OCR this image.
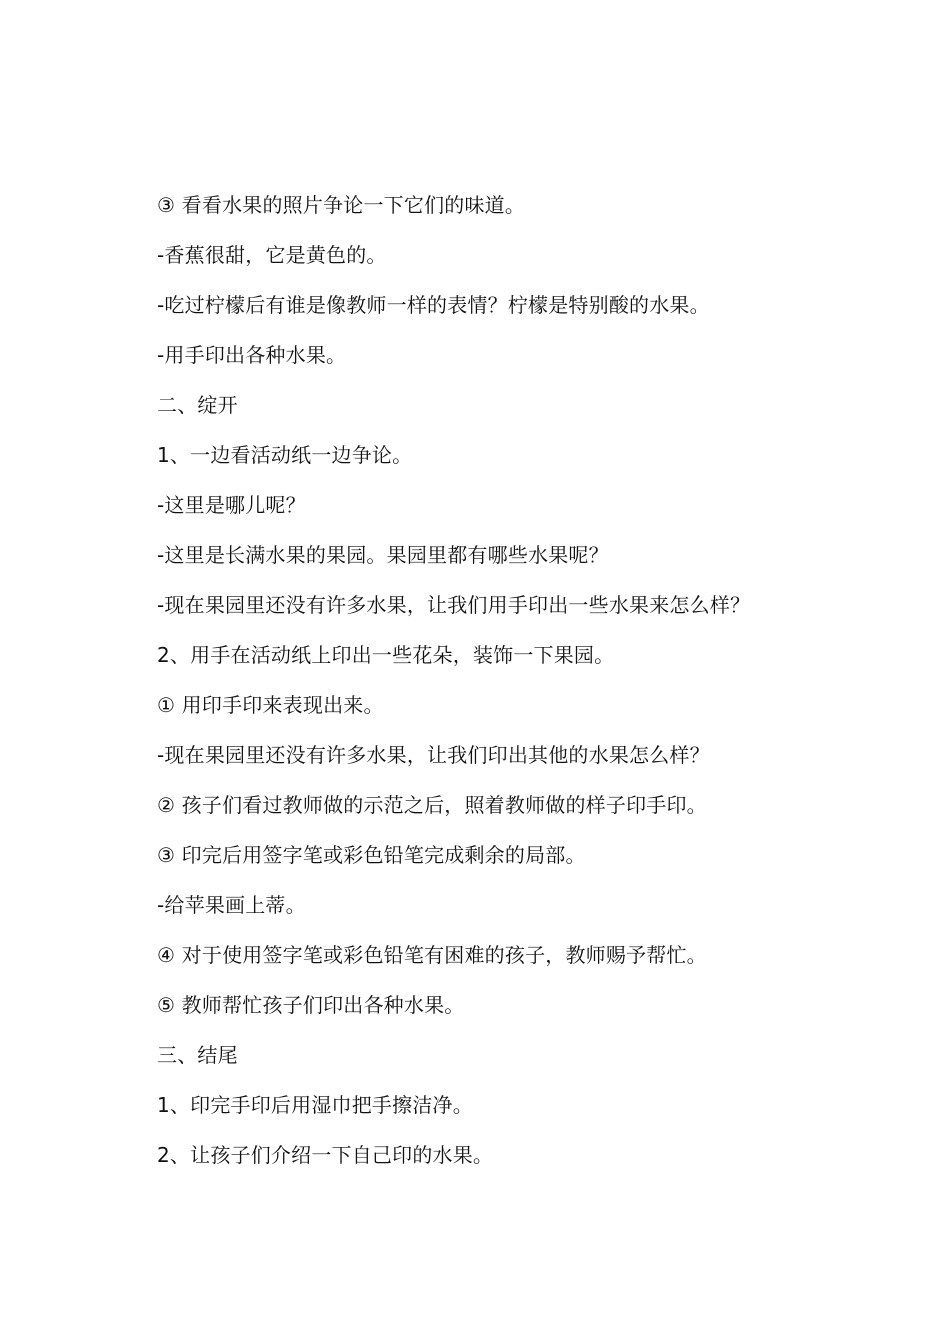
③ 看看水果的照片争论一下它们的味道。
-香蕉很甜，它是黄色的。
-吃过柠檬后有谁是像教师一样的表情？柠檬是特别酸的水果。
-用手印出各种水果。
二、绽开
1、一边看活动纸一边争论。
-这里是哪儿呢？
-这里是长满水果的果园。果园里都有哪些水果呢？
-现在果园里还没有许多水果，让我们用手印出一些水果来怎么样？
2、用手在活动纸上印出一些花朵，装饰一下果园。
① 用印手印来表现出来。
-现在果园里还没有许多水果，让我们印出其他的水果怎么样？
② 孩子们看过教师做的示范之后，照着教师做的样子印手印。
③ 印完后用签字笔或彩色铅笔完成剩余的局部。
-给苹果画上蒂。
④ 对于使用签字笔或彩色铅笔有困难的孩子，教师赐予帮忙。
⑤ 教师帮忙孩子们印出各种水果。
三、结尾
1、印完手印后用湿巾把手擦洁净。
2、让孩子们介绍一下自己印的水果。
